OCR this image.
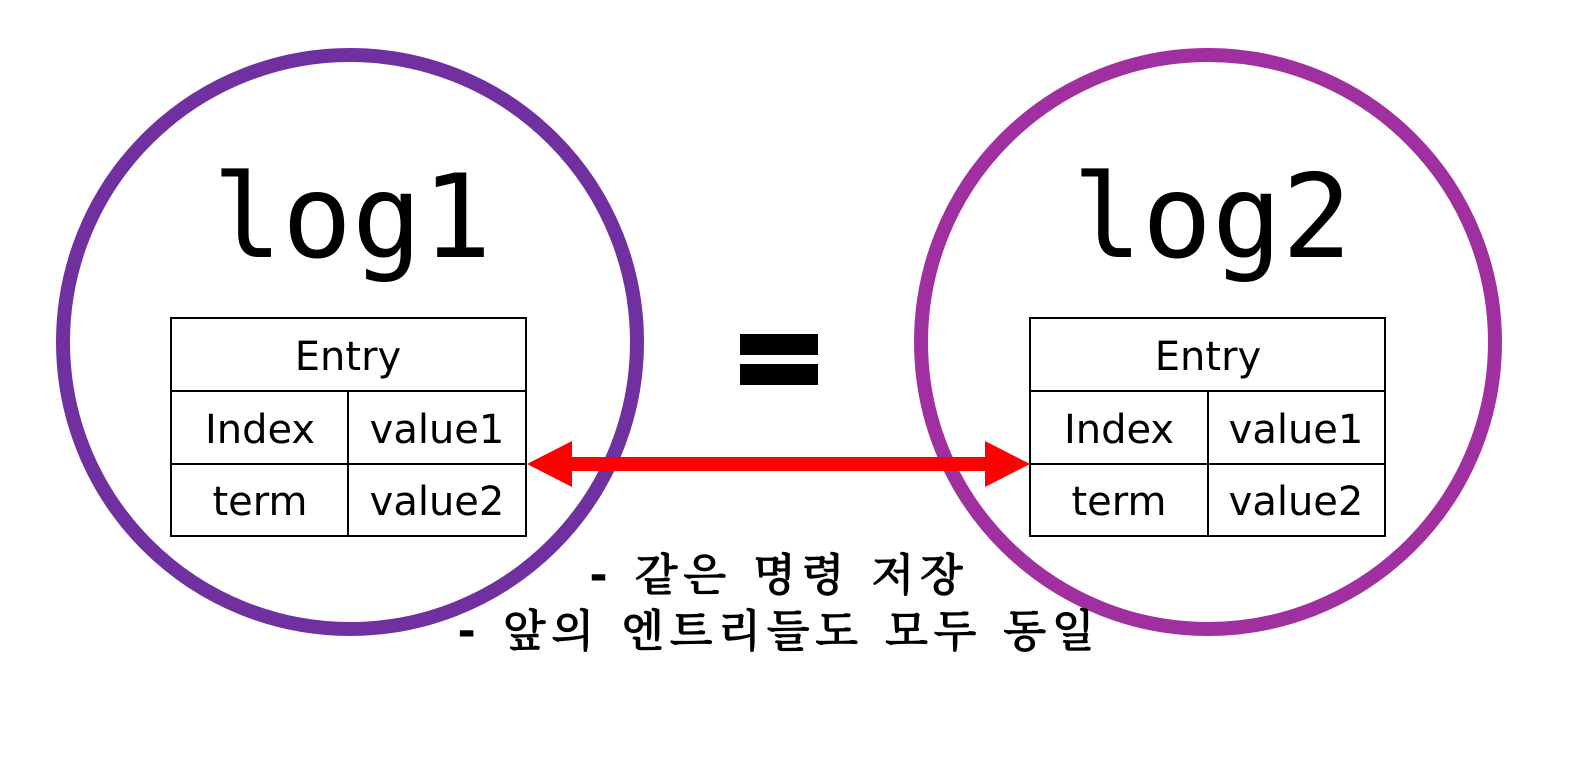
log1
Entry
Index value1
term value2
log2
Entry
Index value1
term value2
- 같은 명령 저장
- 앞의 엔트리들도 모두 동일
